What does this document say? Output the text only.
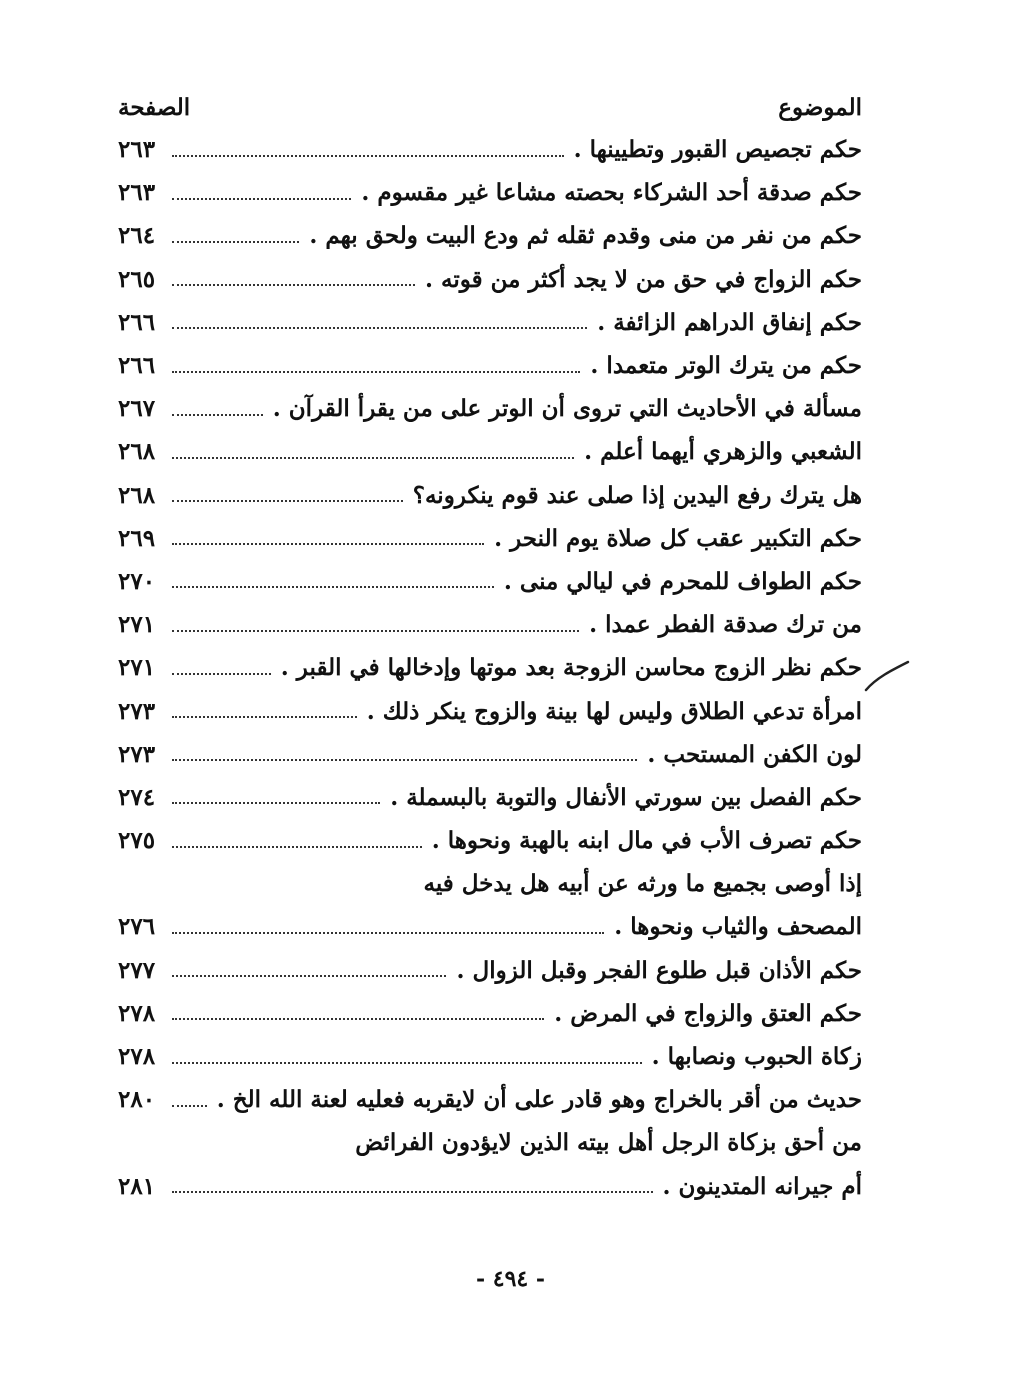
الموضوع
الصفحة
حكم تجصيص القبور وتطيينها .
٢٦٣
حكم صدقة أحد الشركاء بحصته مشاعا غير مقسوم .
٢٦٣
حكم من نفر من منى وقدم ثقله ثم ودع البيت ولحق بهم .
٢٦٤
حكم الزواج في حق من لا يجد أكثر من قوته .
٢٦٥
حكم إنفاق الدراهم الزائفة .
٢٦٦
حكم من يترك الوتر متعمدا .
٢٦٦
مسألة في الأحاديث التي تروى أن الوتر على من يقرأ القرآن .
٢٦٧
الشعبي والزهري أيهما أعلم .
٢٦٨
هل يترك رفع اليدين إذا صلى عند قوم ينكرونه؟
٢٦٨
حكم التكبير عقب كل صلاة يوم النحر .
٢٦٩
حكم الطواف للمحرم في ليالي منى .
٢٧٠
من ترك صدقة الفطر عمدا .
٢٧١
حكم نظر الزوج محاسن الزوجة بعد موتها وإدخالها في القبر .
٢٧١
امرأة تدعي الطلاق وليس لها بينة والزوج ينكر ذلك .
٢٧٣
لون الكفن المستحب .
٢٧٣
حكم الفصل بين سورتي الأنفال والتوبة بالبسملة .
٢٧٤
حكم تصرف الأب في مال ابنه بالهبة ونحوها .
٢٧٥
إذا أوصى بجميع ما ورثه عن أبيه هل يدخل فيه
المصحف والثياب ونحوها .
٢٧٦
حكم الأذان قبل طلوع الفجر وقبل الزوال .
٢٧٧
حكم العتق والزواج في المرض .
٢٧٨
زكاة الحبوب ونصابها .
٢٧٨
حديث من أقر بالخراج وهو قادر على أن لايقربه فعليه لعنة الله الخ .
٢٨٠
من أحق بزكاة الرجل أهل بيته الذين لايؤدون الفرائض
أم جيرانه المتدينون .
٢٨١
- ٤٩٤ -
